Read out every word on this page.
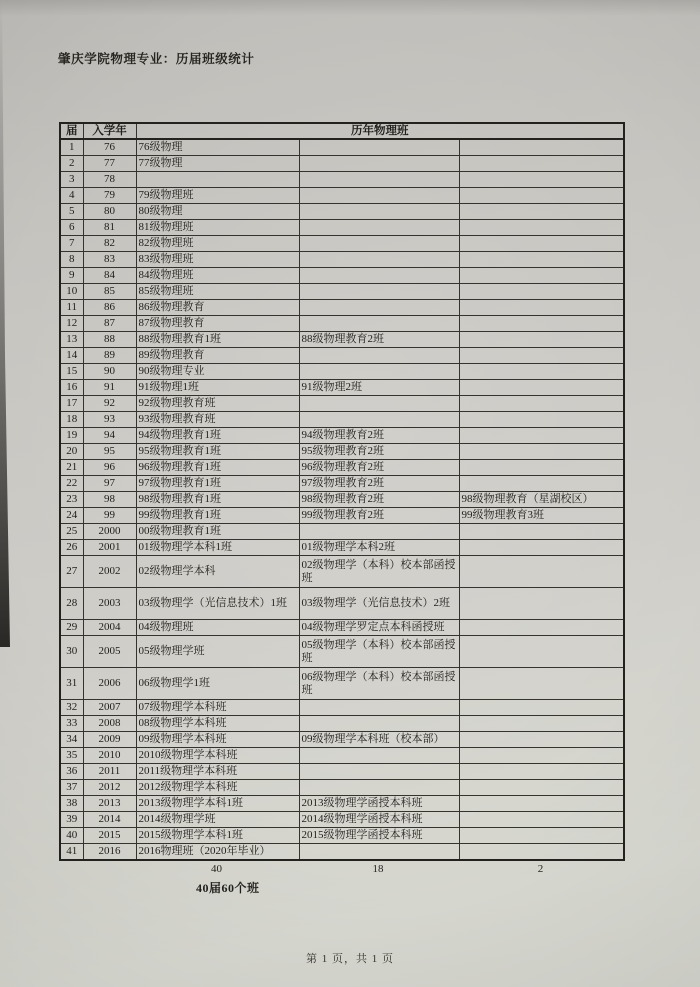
肇庆学院物理专业：历届班级统计
届	入学年	历年物理班		
1	76	76级物理		
2	77	77级物理		
3	78			
4	79	79级物理班		
5	80	80级物理		
6	81	81级物理班		
7	82	82级物理班		
8	83	83级物理班		
9	84	84级物理班		
10	85	85级物理班		
11	86	86级物理教育		
12	87	87级物理教育		
13	88	88级物理教育1班	88级物理教育2班	
14	89	89级物理教育		
15	90	90级物理专业		
16	91	91级物理1班	91级物理2班	
17	92	92级物理教育班		
18	93	93级物理教育班		
19	94	94级物理教育1班	94级物理教育2班	
20	95	95级物理教育1班	95级物理教育2班	
21	96	96级物理教育1班	96级物理教育2班	
22	97	97级物理教育1班	97级物理教育2班	
23	98	98级物理教育1班	98级物理教育2班	98级物理教育（星湖校区）
24	99	99级物理教育1班	99级物理教育2班	99级物理教育3班
25	2000	00级物理教育1班		
26	2001	01级物理学本科1班	01级物理学本科2班	
27	2002	02级物理学本科	02级物理学（本科）校本部函授班	
28	2003	03级物理学（光信息技术）1班	03级物理学（光信息技术）2班	
29	2004	04级物理班	04级物理学罗定点本科函授班	
30	2005	05级物理学班	05级物理学（本科）校本部函授班	
31	2006	06级物理学1班	06级物理学（本科）校本部函授班	
32	2007	07级物理学本科班		
33	2008	08级物理学本科班		
34	2009	09级物理学本科班	09级物理学本科班（校本部）	
35	2010	2010级物理学本科班		
36	2011	2011级物理学本科班		
37	2012	2012级物理学本科班		
38	2013	2013级物理学本科1班	2013级物理学函授本科班	
39	2014	2014级物理学班	2014级物理学函授本科班	
40	2015	2015级物理学本科1班	2015级物理学函授本科班	
41	2016	2016物理班（2020年毕业）		
40	18	2
40届60个班
第 1 页，共 1 页
